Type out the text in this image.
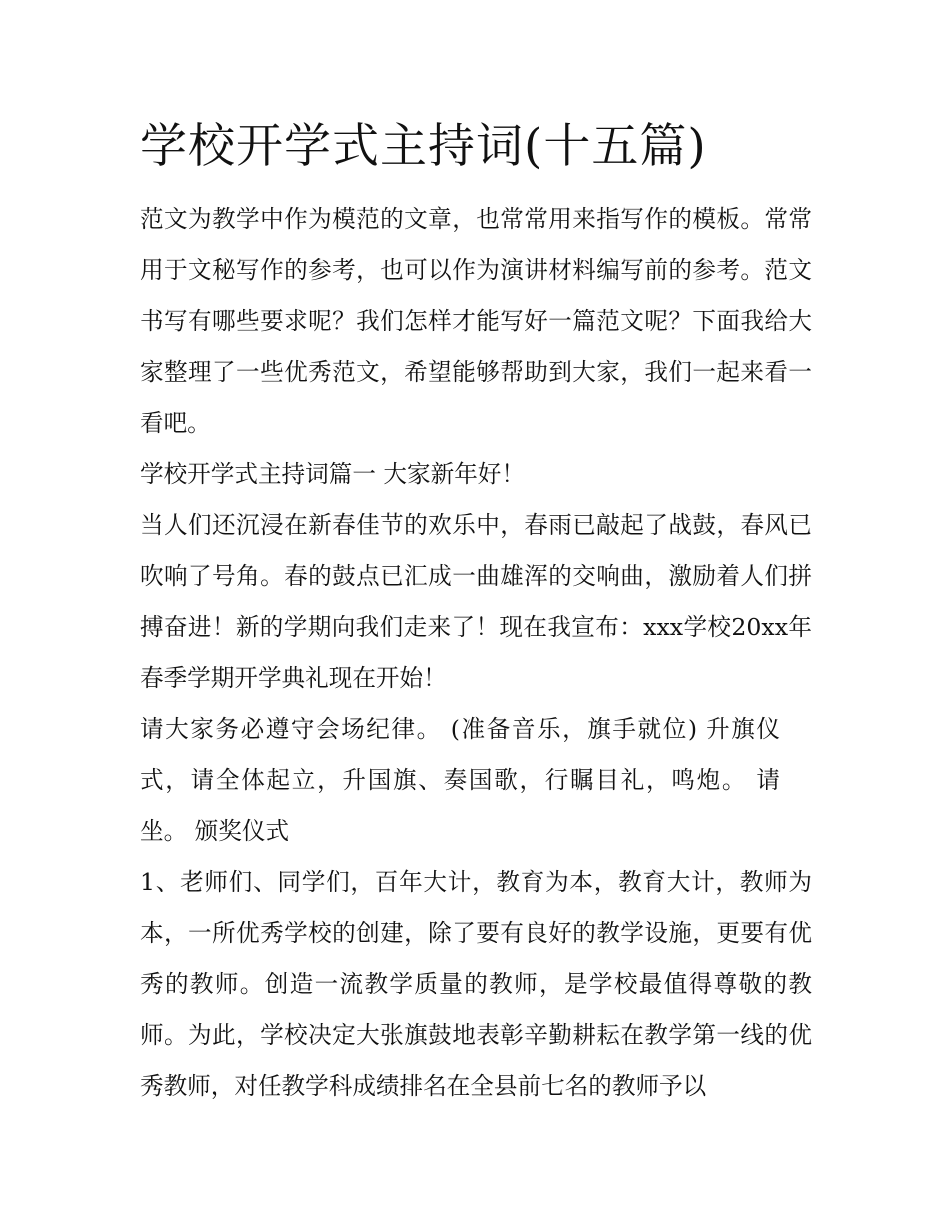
学校开学式主持词(十五篇)

范文为教学中作为模范的文章，也常常用来指写作的模板。常常用于文秘写作的参考，也可以作为演讲材料编写前的参考。范文书写有哪些要求呢？我们怎样才能写好一篇范文呢？下面我给大家整理了一些优秀范文，希望能够帮助到大家，我们一起来看一看吧。

学校开学式主持词篇一 大家新年好！

当人们还沉浸在新春佳节的欢乐中，春雨已敲起了战鼓，春风已吹响了号角。春的鼓点已汇成一曲雄浑的交响曲，激励着人们拼搏奋进！新的学期向我们走来了！现在我宣布：xxx学校20xx年春季学期开学典礼现在开始！

请大家务必遵守会场纪律。 (准备音乐，旗手就位) 升旗仪式，请全体起立，升国旗、奏国歌，行瞩目礼，鸣炮。 请坐。 颁奖仪式

1、老师们、同学们，百年大计，教育为本，教育大计，教师为本，一所优秀学校的创建，除了要有良好的教学设施，更要有优秀的教师。创造一流教学质量的教师，是学校最值得尊敬的教师。为此，学校决定大张旗鼓地表彰辛勤耕耘在教学第一线的优秀教师，对任教学科成绩排名在全县前七名的教师予以
